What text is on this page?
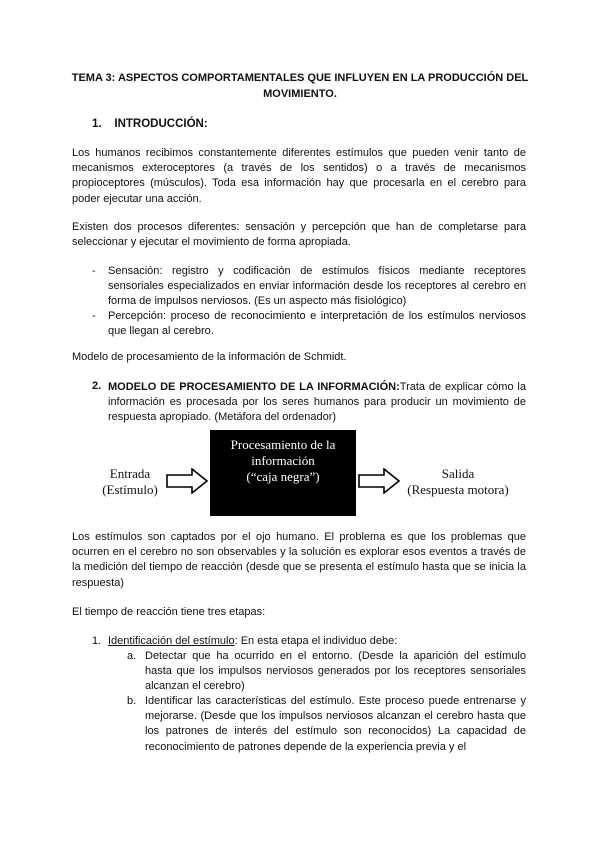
TEMA 3: ASPECTOS COMPORTAMENTALES QUE INFLUYEN EN LA PRODUCCIÓN DEL MOVIMIENTO.
1. INTRODUCCIÓN:
Los humanos recibimos constantemente diferentes estímulos que pueden venir tanto de mecanismos exteroceptores (a través de los sentidos) o a través de mecanismos propioceptores (músculos). Toda esa información hay que procesarla en el cerebro para poder ejecutar una acción.
Existen dos procesos diferentes: sensación y percepción que han de completarse para seleccionar y ejecutar el movimiento de forma apropiada.
- Sensación: registro y codificación de estímulos físicos mediante receptores sensoriales especializados en enviar información desde los receptores al cerebro en forma de impulsos nerviosos. (Es un aspecto más fisiológico)
- Percepción: proceso de reconocimiento e interpretación de los estímulos nerviosos que llegan al cerebro.
Modelo de procesamiento de la información de Schmidt.
2. MODELO DE PROCESAMIENTO DE LA INFORMACIÓN:Trata de explicar cómo la información es procesada por los seres humanos para producir un movimiento de respuesta apropiado. (Metáfora del ordenador)
Entrada
(Estímulo)
Procesamiento de la
información
(“caja negra”)	Salida
(Respuesta motora)
Los estímulos son captados por el ojo humano. El problema es que los problemas que ocurren en el cerebro no son observables y la solución es explorar esos eventos a través de la medición del tiempo de reacción (desde que se presenta el estímulo hasta que se inicia la respuesta)
El tiempo de reacción tiene tres etapas:
1. Identificación del estímulo: En esta etapa el individuo debe:
a. Detectar que ha ocurrido en el entorno. (Desde la aparición del estímulo hasta que los impulsos nerviosos generados por los receptores sensoriales alcanzan el cerebro)
b. Identificar las características del estímulo. Este proceso puede entrenarse y mejorarse. (Desde que los impulsos nerviosos alcanzan el cerebro hasta que los patrones de interés del estímulo son reconocidos) La capacidad de reconocimiento de patrones depende de la experiencia previa y el
